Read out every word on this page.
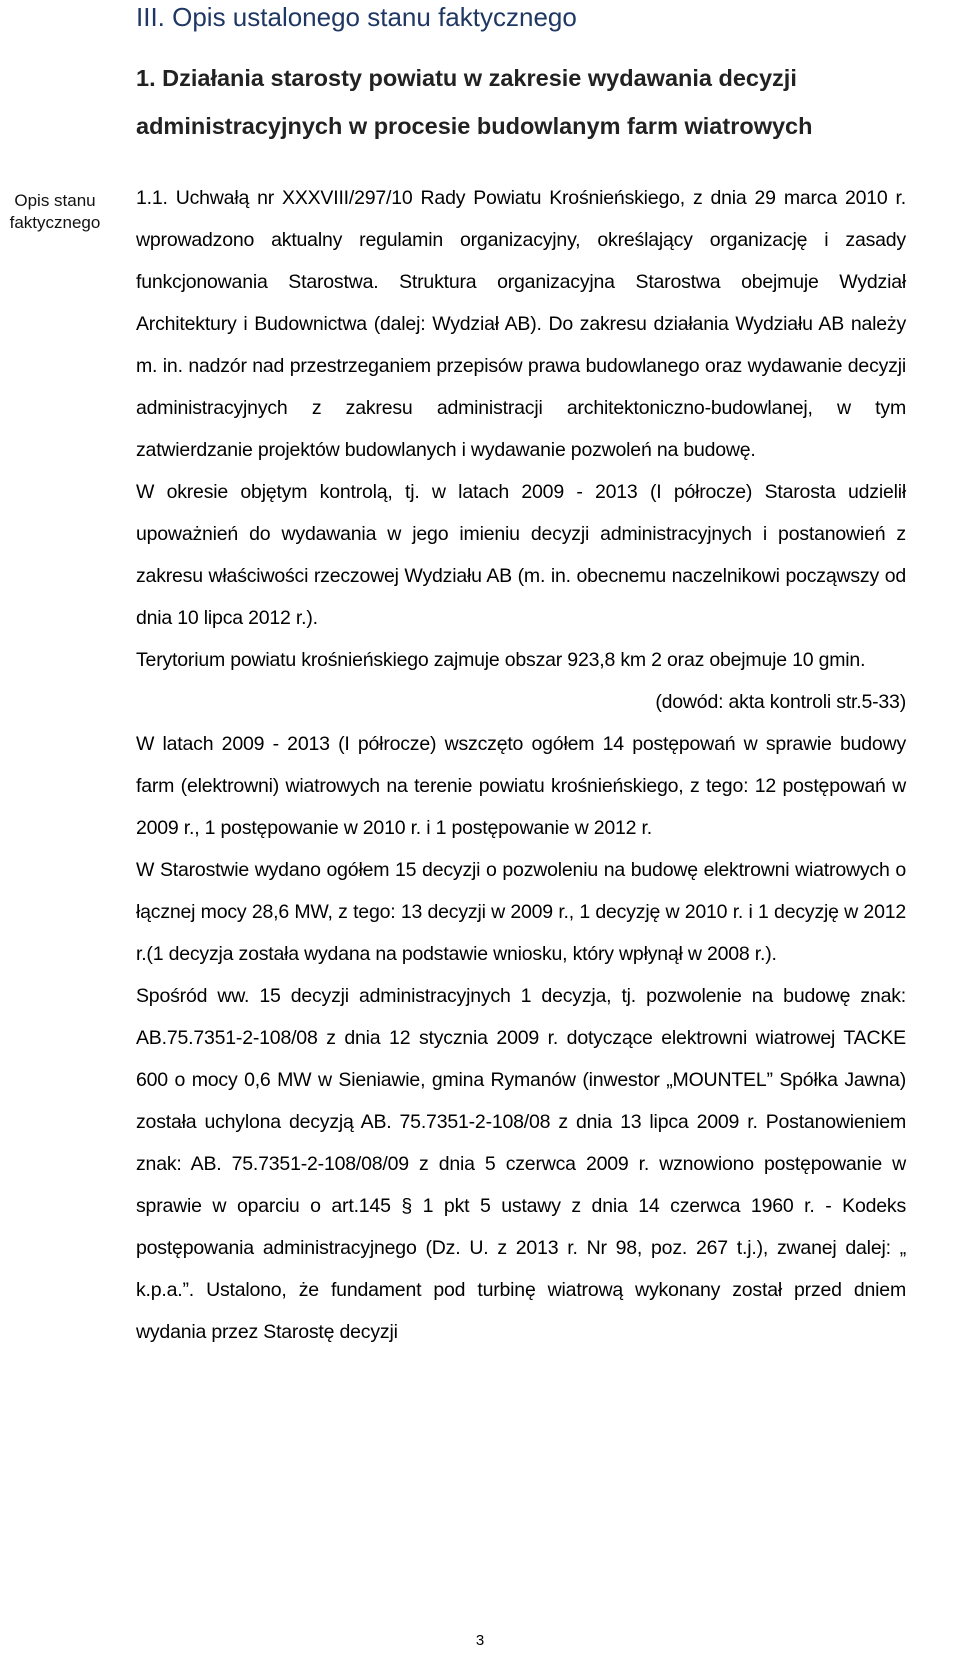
III. Opis ustalonego stanu faktycznego
1. Działania starosty powiatu w zakresie wydawania decyzji administracyjnych w procesie budowlanym farm wiatrowych
Opis stanu faktycznego

1.1. Uchwałą nr XXXVIII/297/10 Rady Powiatu Krośnieńskiego, z dnia 29 marca 2010 r. wprowadzono aktualny regulamin organizacyjny, określający organizację i zasady funkcjonowania Starostwa. Struktura organizacyjna Starostwa obejmuje Wydział Architektury i Budownictwa (dalej: Wydział AB). Do zakresu działania Wydziału AB należy m. in. nadzór nad przestrzeganiem przepisów prawa budowlanego oraz wydawanie decyzji administracyjnych z zakresu administracji architektoniczno-budowlanej, w tym zatwierdzanie projektów budowlanych i wydawanie pozwoleń na budowę.

W okresie objętym kontrolą, tj. w latach 2009 - 2013 (I półrocze) Starosta udzielił upoważnień do wydawania w jego imieniu decyzji administracyjnych i postanowień z zakresu właściwości rzeczowej Wydziału AB (m. in. obecnemu naczelnikowi począwszy od dnia 10 lipca 2012 r.).

Terytorium powiatu krośnieńskiego zajmuje obszar 923,8 km 2 oraz obejmuje 10 gmin.

(dowód: akta kontroli str.5-33)

W latach 2009 - 2013 (I półrocze) wszczęto ogółem 14 postępowań w sprawie budowy farm (elektrowni) wiatrowych na terenie powiatu krośnieńskiego, z tego: 12 postępowań w 2009 r., 1 postępowanie w 2010 r. i 1 postępowanie w 2012 r.

W Starostwie wydano ogółem 15 decyzji o pozwoleniu na budowę elektrowni wiatrowych o łącznej mocy 28,6 MW, z tego: 13 decyzji w 2009 r., 1 decyzję w 2010 r. i 1 decyzję w 2012 r.(1 decyzja została wydana na podstawie wniosku, który wpłynął w 2008 r.).

Spośród ww. 15 decyzji administracyjnych 1 decyzja, tj. pozwolenie na budowę znak: AB.75.7351-2-108/08 z dnia 12 stycznia 2009 r. dotyczące elektrowni wiatrowej TACKE 600 o mocy 0,6 MW w Sieniawie, gmina Rymanów (inwestor „MOUNTEL” Spółka Jawna) została uchylona decyzją AB. 75.7351-2-108/08 z dnia 13 lipca 2009 r. Postanowieniem znak: AB. 75.7351-2-108/08/09 z dnia 5 czerwca 2009 r. wznowiono postępowanie w sprawie w oparciu o art.145 § 1 pkt 5 ustawy z dnia 14 czerwca 1960 r. - Kodeks postępowania administracyjnego (Dz. U. z 2013 r. Nr 98, poz. 267 t.j.), zwanej dalej: „ k.p.a.”. Ustalono, że fundament pod turbinę wiatrową wykonany został przed dniem wydania przez Starostę decyzji

3
